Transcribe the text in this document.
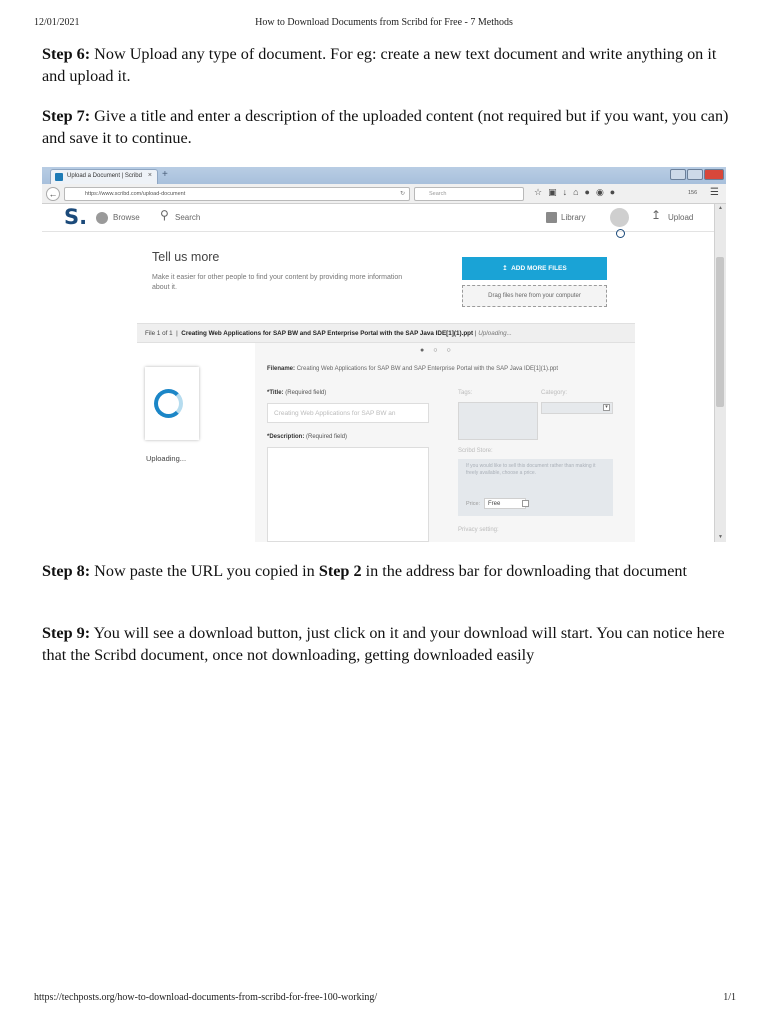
12/01/2021	How to Download Documents from Scribd for Free - 7 Methods
Step 6: Now Upload any type of document. For eg: create a new text document and write anything on it and upload it.
Step 7: Give a title and enter a description of the uploaded content (not required but if you want, you can) and save it to continue.
Upload a Document | Scribd × +
←	https://www.scribd.com/upload-document	↻	Search	☆▣↓⌂●◉●	156 ☰
S.	Browse ⚲ Search	Library	↥ Upload
▲
▼
Tell us more
Make it easier for other people to find your content by providing more information about it.
↥  ADD MORE FILES
Drag files here from your computer
File 1 of 1  |  Creating Web Applications for SAP BW and SAP Enterprise Portal with the SAP Java IDE[1](1).ppt | Uploading...
Uploading...
●○○
Filename: Creating Web Applications for SAP BW and SAP Enterprise Portal with the SAP Java IDE[1](1).ppt
*Title: (Required field)
Creating Web Applications for SAP BW an
*Description: (Required field)
Tags:	Category:
▾
Scribd Store:
If you would like to sell this document rather than making it freely available, choose a price.
Price:	Free
Privacy setting:
Step 8: Now paste the URL you copied in Step 2 in the address bar for downloading that document
Step 9: You will see a download button, just click on it and your download will start. You can notice here that the Scribd document, once not downloading, getting downloaded easily
https://techposts.org/how-to-download-documents-from-scribd-for-free-100-working/	1/1
